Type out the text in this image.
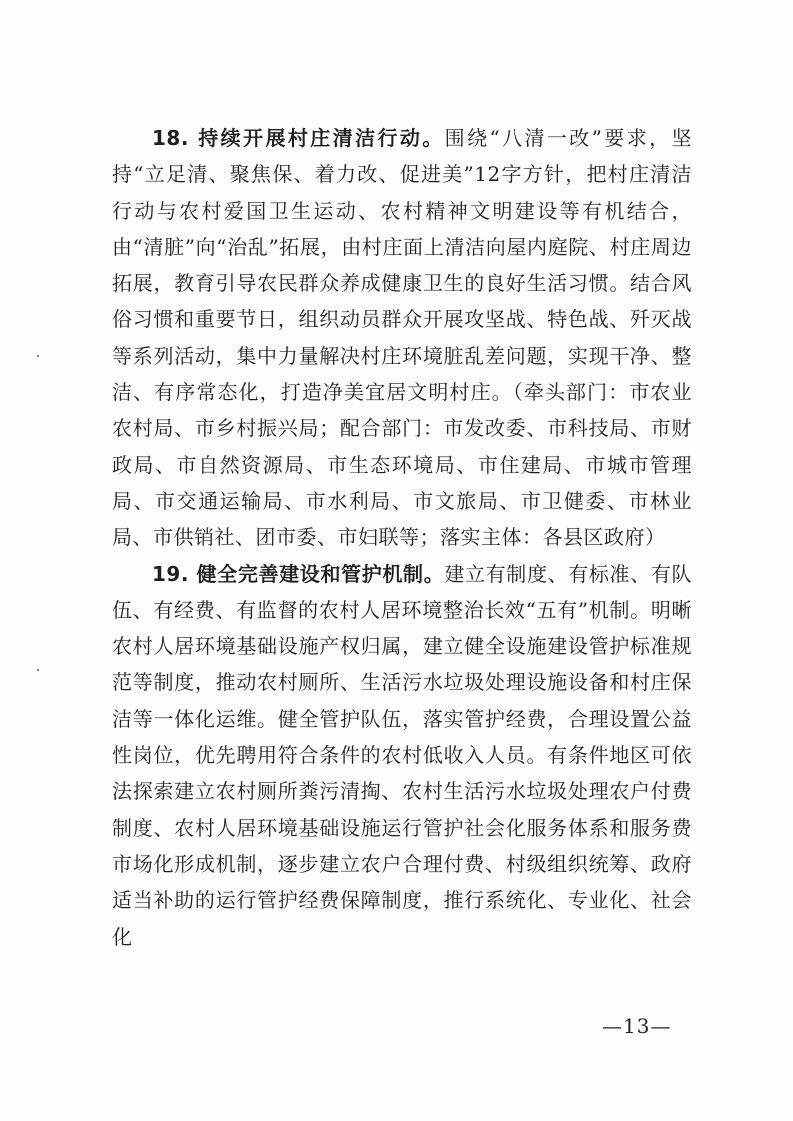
18. 持续开展村庄清洁行动。围绕“八清一改”要求，坚持“立足清、聚焦保、着力改、促进美”12字方针，把村庄清洁行动与农村爱国卫生运动、农村精神文明建设等有机结合，由“清脏”向“治乱”拓展，由村庄面上清洁向屋内庭院、村庄周边拓展，教育引导农民群众养成健康卫生的良好生活习惯。结合风俗习惯和重要节日，组织动员群众开展攻坚战、特色战、歼灭战等系列活动，集中力量解决村庄环境脏乱差问题，实现干净、整洁、有序常态化，打造净美宜居文明村庄。（牵头部门：市农业农村局、市乡村振兴局；配合部门：市发改委、市科技局、市财政局、市自然资源局、市生态环境局、市住建局、市城市管理局、市交通运输局、市水利局、市文旅局、市卫健委、市林业局、市供销社、团市委、市妇联等；落实主体：各县区政府）

19. 健全完善建设和管护机制。建立有制度、有标准、有队伍、有经费、有监督的农村人居环境整治长效“五有”机制。明晰农村人居环境基础设施产权归属，建立健全设施建设管护标准规范等制度，推动农村厕所、生活污水垃圾处理设施设备和村庄保洁等一体化运维。健全管护队伍，落实管护经费，合理设置公益性岗位，优先聘用符合条件的农村低收入人员。有条件地区可依法探索建立农村厕所粪污清掏、农村生活污水垃圾处理农户付费制度、农村人居环境基础设施运行管护社会化服务体系和服务费市场化形成机制，逐步建立农户合理付费、村级组织统筹、政府适当补助的运行管护经费保障制度，推行系统化、专业化、社会化

—13—
